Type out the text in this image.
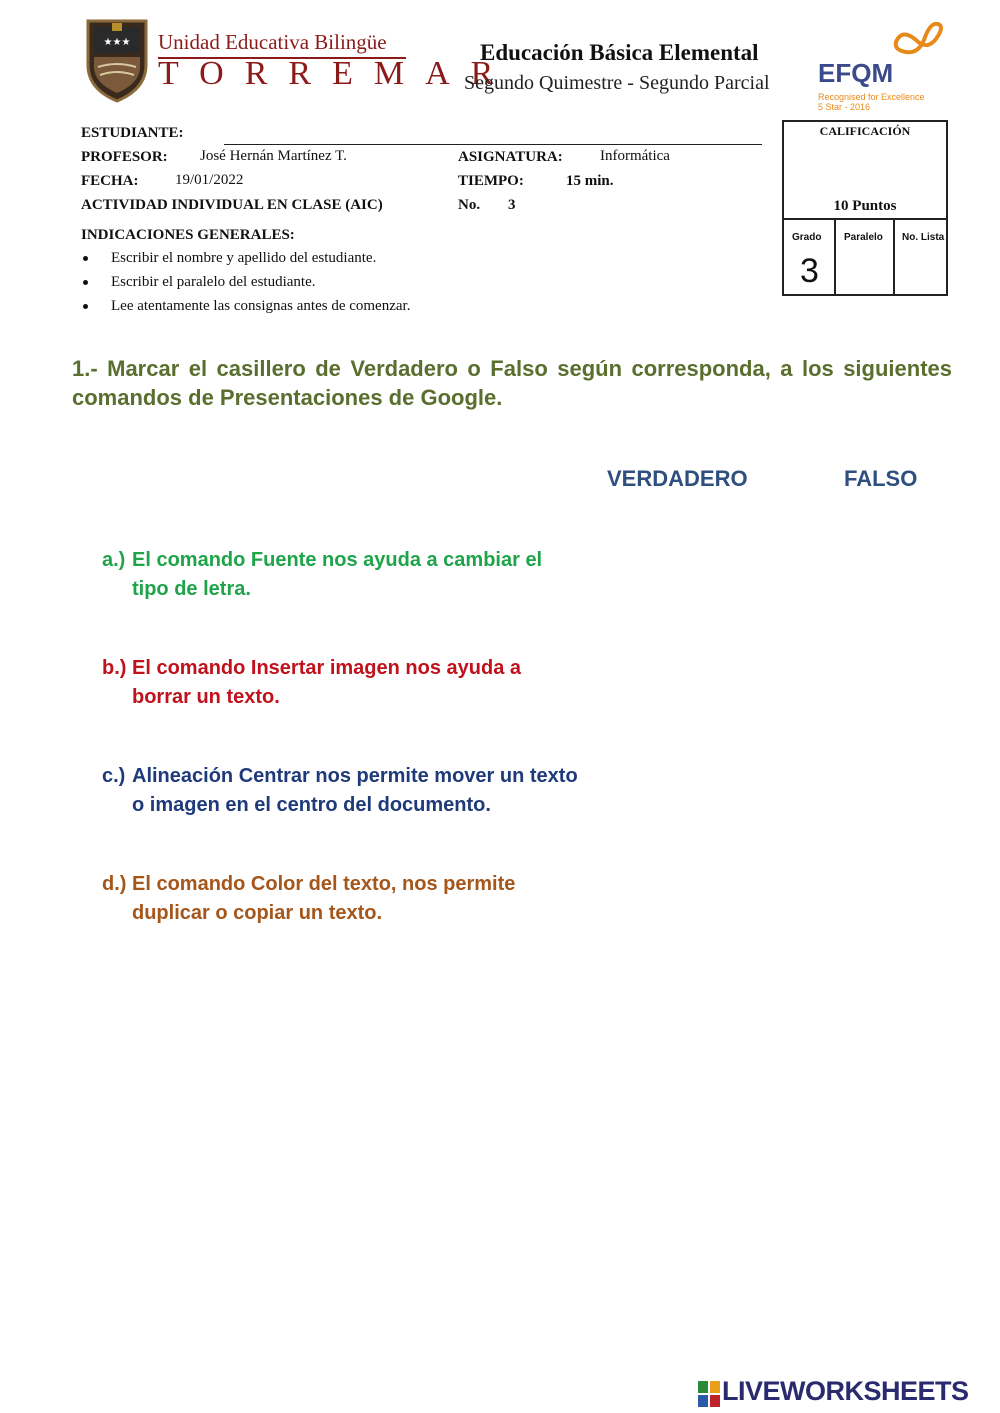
★★★ Unidad Educativa Bilingüe
TORREMAR
Educación Básica Elemental
Segundo Quimestre - Segundo Parcial EFQM
Recognised for Excellence
5 Star - 2016
ESTUDIANTE:
PROFESOR: José Hernán Martínez T.	ASIGNATURA: Informática
FECHA: 19/01/2022	TIEMPO:	15 min.
ACTIVIDAD INDIVIDUAL EN CLASE (AIC)	No. 3
CALIFICACIÓN
10 Puntos
Grado Paralelo No. Lista
3
INDICACIONES GENERALES:
Escribir el nombre y apellido del estudiante.
Escribir el paralelo del estudiante.
Lee atentamente las consignas antes de comenzar.
1.- Marcar el casillero de Verdadero o Falso según corresponda, a los siguientes comandos de Presentaciones de Google.
VERDADERO	FALSO
a.) El comando Fuente nos ayuda a cambiar el tipo de letra.
b.) El comando Insertar imagen nos ayuda a borrar un texto.
c.) Alineación Centrar nos permite mover un texto o imagen en el centro del documento.
d.) El comando Color del texto, nos permite duplicar o copiar un texto.
LIVEWORKSHEETS
